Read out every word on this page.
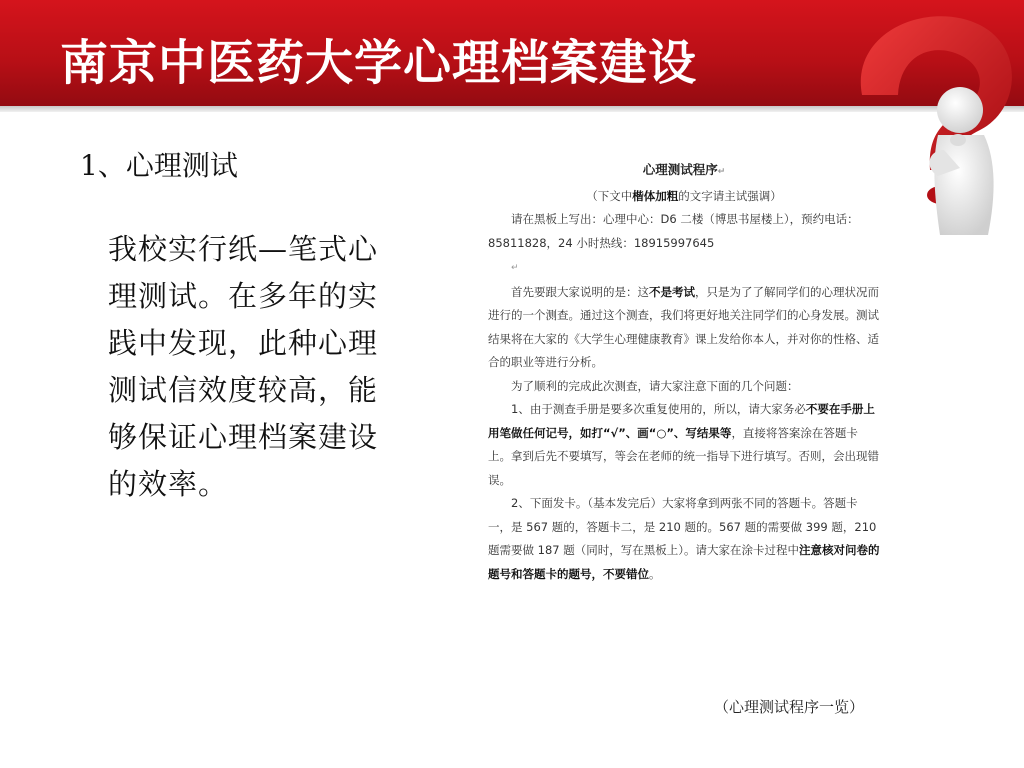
南京中医药大学心理档案建设
1、心理测试
我校实行纸—笔式心理测试。在多年的实践中发现，此种心理测试信效度较高，能够保证心理档案建设的效率。

心理测试程序↵

（下文中楷体加粗的文字请主试强调）

请在黑板上写出：心理中心：D6 二楼（博思书屋楼上），预约电话：85811828，24 小时热线：18915997645

↵

首先要跟大家说明的是：这不是考试，只是为了了解同学们的心理状况而进行的一个测查。通过这个测查，我们将更好地关注同学们的心身发展。测试结果将在大家的《大学生心理健康教育》课上发给你本人，并对你的性格、适合的职业等进行分析。

为了顺利的完成此次测查，请大家注意下面的几个问题：

1、由于测查手册是要多次重复使用的，所以，请大家务必不要在手册上用笔做任何记号，如打“√”、画“○”、写结果等，直接将答案涂在答题卡上。拿到后先不要填写，等会在老师的统一指导下进行填写。否则，会出现错误。

2、下面发卡。（基本发完后）大家将拿到两张不同的答题卡。答题卡一，是 567 题的，答题卡二，是 210 题的。567 题的需要做 399 题，210 题需要做 187 题（同时，写在黑板上）。请大家在涂卡过程中注意核对问卷的题号和答题卡的题号，不要错位。

（心理测试程序一览）
